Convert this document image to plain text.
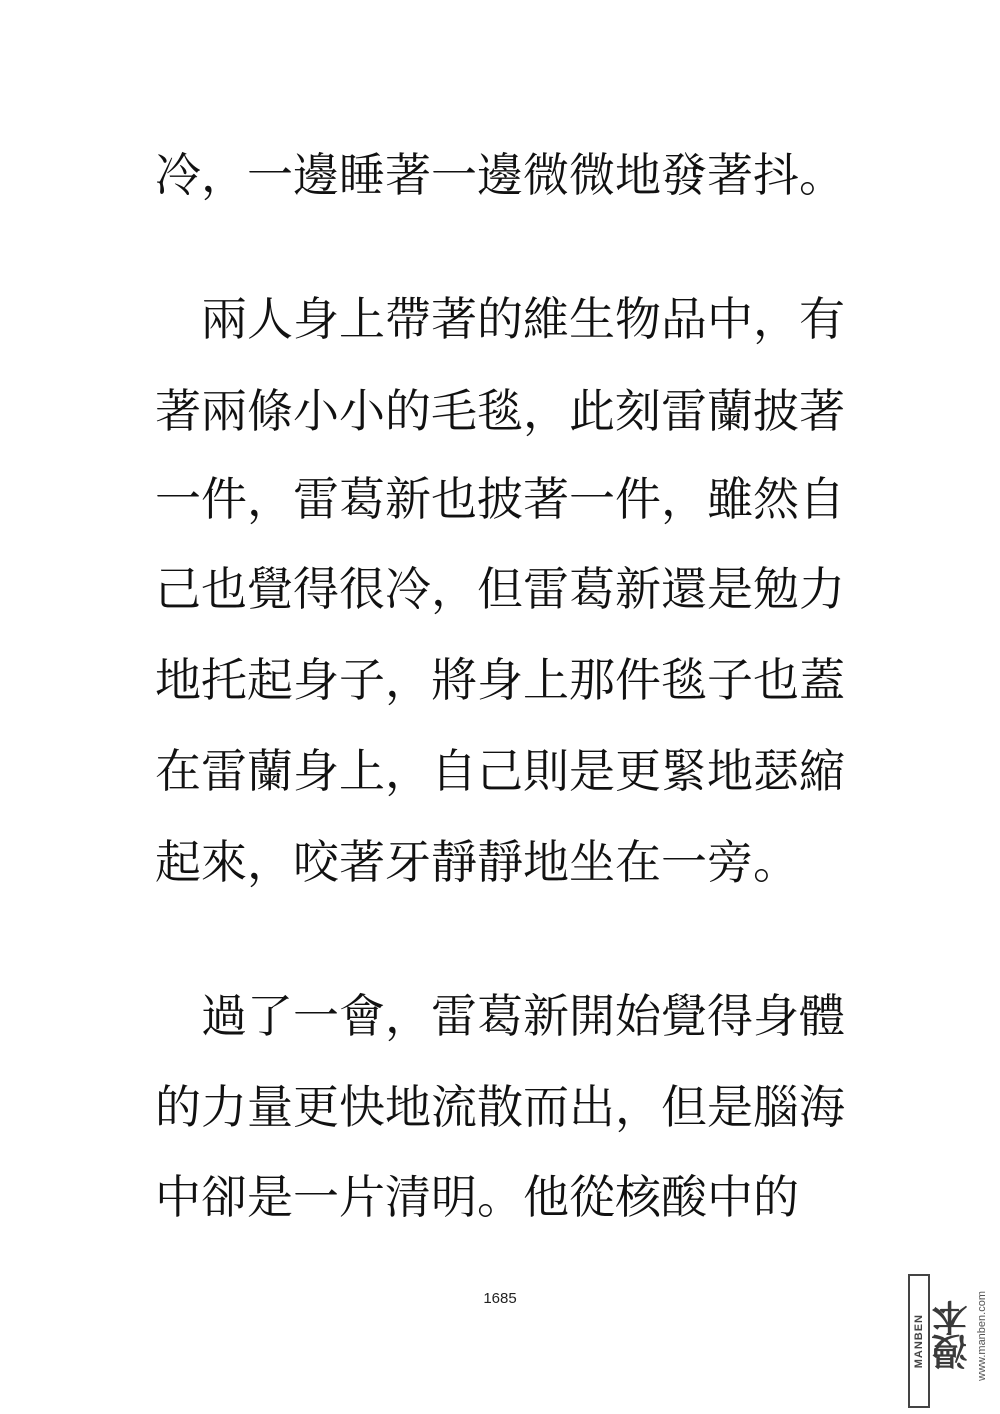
冷，一邊睡著一邊微微地發著抖。
　兩人身上帶著的維生物品中，有
著兩條小小的毛毯，此刻雷蘭披著
一件，雷葛新也披著一件，雖然自
己也覺得很冷，但雷葛新還是勉力
地托起身子，將身上那件毯子也蓋
在雷蘭身上，自己則是更緊地瑟縮
起來，咬著牙靜靜地坐在一旁。
　過了一會，雷葛新開始覺得身體
的力量更快地流散而出，但是腦海
中卻是一片清明。他從核酸中的
1685
MANBEN 漫本 www.manben.com
